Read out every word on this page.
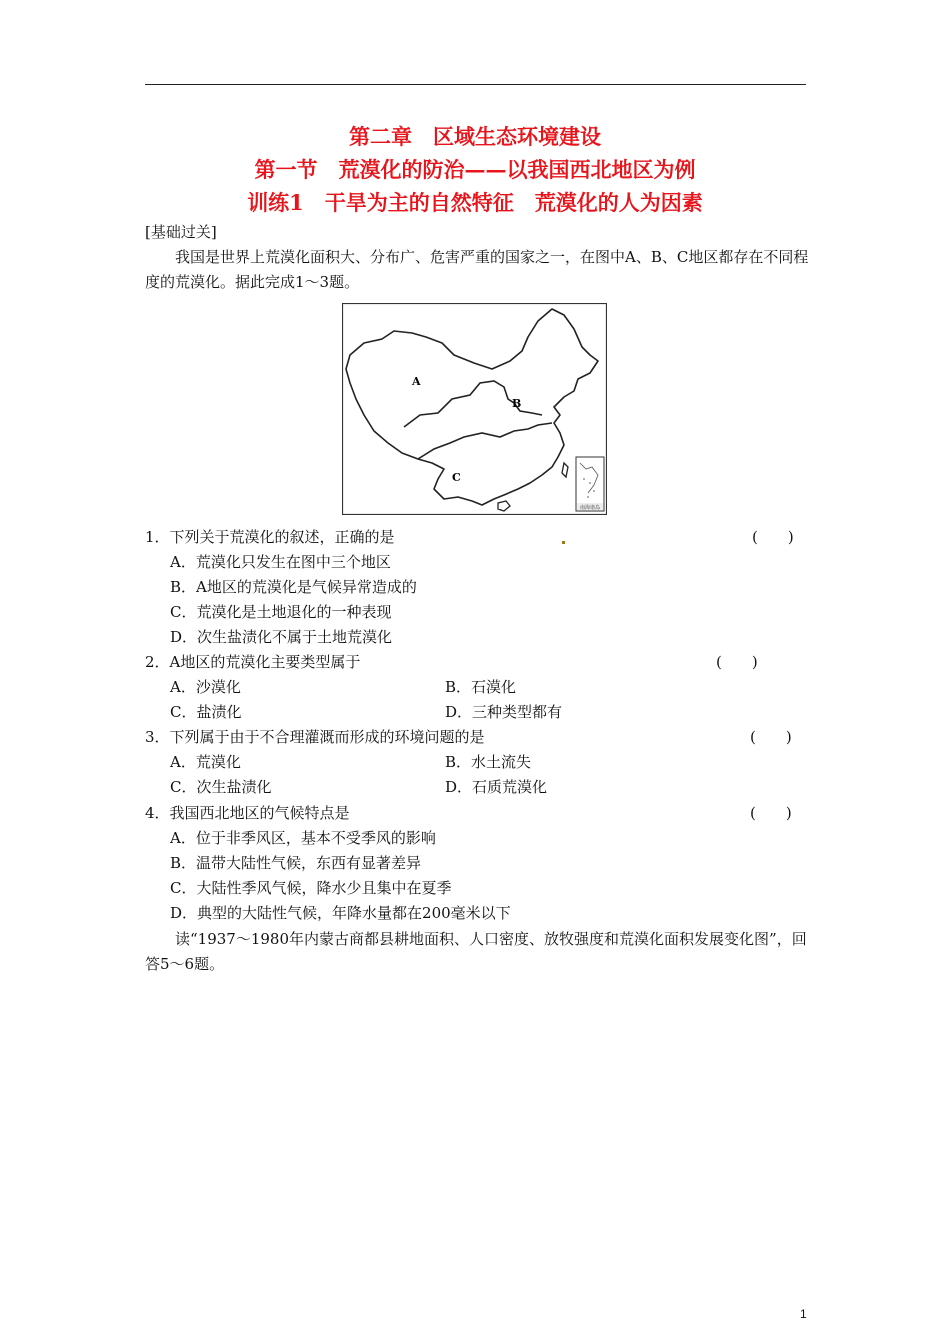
第二章　区域生态环境建设
第一节　荒漠化的防治——以我国西北地区为例
训练1　干旱为主的自然特征　荒漠化的人为因素
[基础过关]
我国是世界上荒漠化面积大、分布广、危害严重的国家之一，在图中A、B、C地区都存在不同程度的荒漠化。据此完成1～3题。
南海诸岛
A
B
C
1．下列关于荒漠化的叙述，正确的是	(　　)
A．荒漠化只发生在图中三个地区
B．A地区的荒漠化是气候异常造成的
C．荒漠化是土地退化的一种表现
D．次生盐渍化不属于土地荒漠化
2．A地区的荒漠化主要类型属于	(　　)
A．沙漠化	B．石漠化
C．盐渍化	D．三种类型都有
3．下列属于由于不合理灌溉而形成的环境问题的是	(　　)
A．荒漠化	B．水土流失
C．次生盐渍化	D．石质荒漠化
4．我国西北地区的气候特点是	(　　)
A．位于非季风区，基本不受季风的影响
B．温带大陆性气候，东西有显著差异
C．大陆性季风气候，降水少且集中在夏季
D．典型的大陆性气候，年降水量都在200毫米以下
读“1937～1980年内蒙古商都县耕地面积、人口密度、放牧强度和荒漠化面积发展变化图”，回答5～6题。
1
